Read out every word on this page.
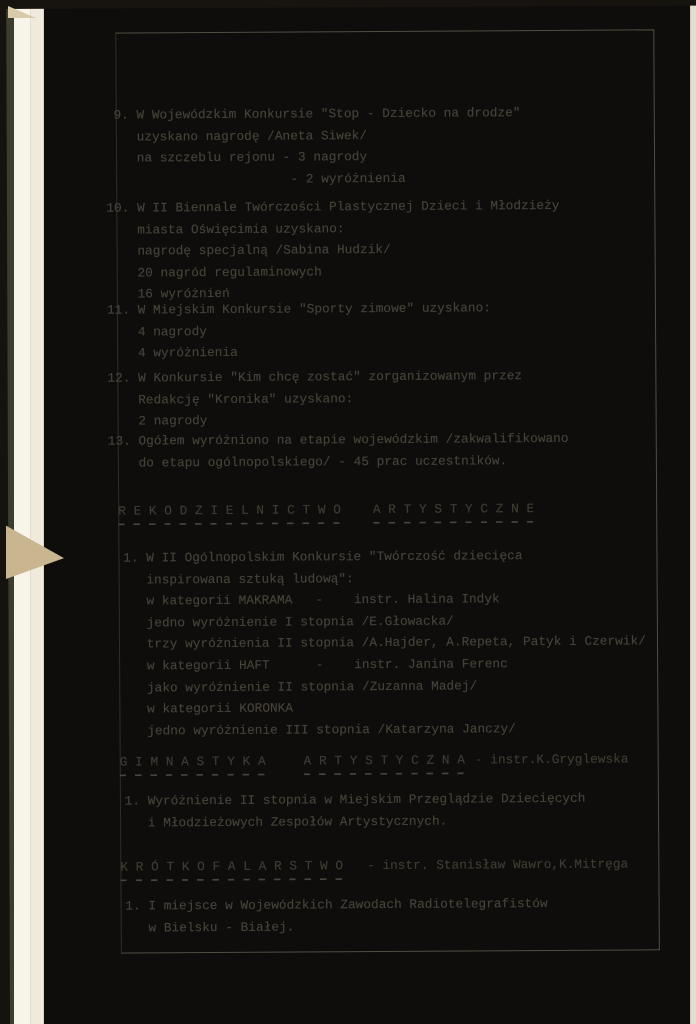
9. W Wojewódzkim Konkursie "Stop - Dziecko na drodze"
uzyskano nagrodę /Aneta Siwek/
na szczeblu rejonu - 3 nagrody
- 2 wyróżnienia
10. W II Biennale Twórczości Plastycznej Dzieci i Młodzieży
miasta Oświęcimia uzyskano:
nagrodę specjalną /Sabina Hudzik/
20 nagród regulaminowych
16 wyróżnień
11. W Miejskim Konkursie "Sporty zimowe" uzyskano:
4 nagrody
4 wyróżnienia
12. W Konkursie "Kim chcę zostać" zorganizowanym przez
Redakcję "Kronika" uzyskano:
2 nagrody
13. Ogółem wyróżniono na etapie wojewódzkim /zakwalifikowano
do etapu ogólnopolskiego/ - 45 prac uczestników.
R E K O D Z I E L N I C T W O A R T Y S T Y C Z N E
1. W II Ogólnopolskim Konkursie "Twórczość dziecięca
inspirowana sztuką ludową":
w kategorii MAKRAMA   -    instr. Halina Indyk
jedno wyróżnienie I stopnia /E.Głowacka/
trzy wyróżnienia II stopnia /A.Hajder, A.Repeta, Patyk i Czerwik/
w kategorii HAFT      -    instr. Janina Ferenc
jako wyróżnienie II stopnia /Zuzanna Madej/
w kategorii KORONKA
jedno wyróżnienie III stopnia /Katarzyna Janczy/
G I M N A S T Y K A	A R T Y S T Y C Z N A - instr.K.Gryglewska
1. Wyróżnienie II stopnia w Miejskim Przeglądzie Dziecięcych
i Młodzieżowych Zespołów Artystycznych.
K R Ó T K O F A L A R S T W O - instr. Stanisław Wawro,K.Mitręga
1. I miejsce w Wojewódzkich Zawodach Radiotelegrafistów
w Bielsku - Białej.
